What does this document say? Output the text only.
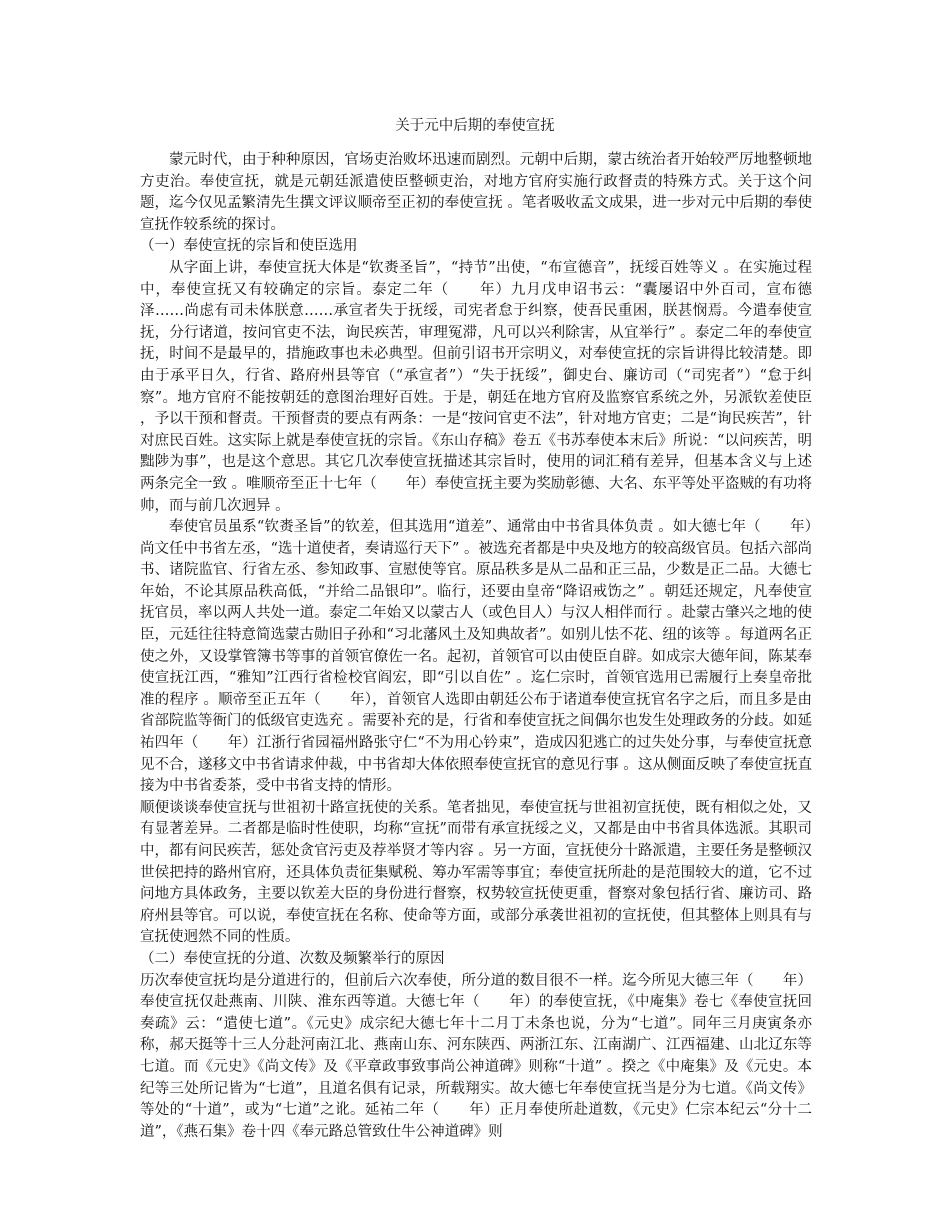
关于元中后期的奉使宣抚

蒙元时代，由于种种原因，官场吏治败坏迅速而剧烈。元朝中后期，蒙古统治者开始较严厉地整顿地方吏治。奉使宣抚，就是元朝廷派遣使臣整顿吏治，对地方官府实施行政督责的特殊方式。关于这个问题，迄今仅见孟繁清先生撰文评议顺帝至正初的奉使宣抚 。笔者吸收孟文成果，进一步对元中后期的奉使宣抚作较系统的探讨。

（一）奉使宣抚的宗旨和使臣选用

从字面上讲，奉使宣抚大体是“钦赉圣旨”，“持节”出使，“布宣德音”，抚绥百姓等义 。在实施过程中，奉使宣抚又有较确定的宗旨。泰定二年（　　年）九月戊申诏书云：“囊屡诏中外百司，宣布德泽……尚虑有司未体朕意……承宣者失于抚绥，司宪者怠于纠察，使吾民重困，朕甚悯焉。今遣奉使宣抚，分行诸道，按问官吏不法，询民疾苦，审理冤滞，凡可以兴利除害，从宜举行” 。泰定二年的奉使宣抚，时间不是最早的，措施政事也未必典型。但前引诏书开宗明义，对奉使宣抚的宗旨讲得比较清楚。即由于承平日久，行省、路府州县等官（“承宣者”）“失于抚绥”，御史台、廉访司（“司宪者”）“怠于纠察”。地方官府不能按朝廷的意图治理好百姓。于是，朝廷在地方官府及监察官系统之外，另派钦差使臣 ，予以干预和督责。干预督责的要点有两条：一是“按问官吏不法”，针对地方官吏；二是“询民疾苦”，针对庶民百姓。这实际上就是奉使宣抚的宗旨。《东山存稿》卷五《书苏奉使本末后》所说：“以问疾苦，明黜陟为事”，也是这个意思。其它几次奉使宣抚描述其宗旨时，使用的词汇稍有差异，但基本含义与上述两条完全一致 。唯顺帝至正十七年（　　年）奉使宣抚主要为奖励彰德、大名、东平等处平盗贼的有功将帅，而与前几次迥异 。

奉使官员虽系“钦赉圣旨”的钦差，但其选用“道差”、通常由中书省具体负责 。如大德七年（　　年）尚文任中书省左丞，“选十道使者，奏请巡行天下” 。被选充者都是中央及地方的较高级官员。包括六部尚书、诸院监官、行省左丞、参知政事、宣慰使等官。原品秩多是从二品和正三品，少数是正二品。大德七年始，不论其原品秩高低，“并给二品银印”。临行，还要由皇帝“降诏戒饬之” 。朝廷还规定，凡奉使宣抚官员，率以两人共处一道。泰定二年始又以蒙古人（或色目人）与汉人相伴而行 。赴蒙古肇兴之地的使臣，元廷往往特意简选蒙古勋旧子孙和“习北藩风土及知典故者”。如别儿怯不花、纽的该等 。每道两名正使之外，又设掌管簿书等事的首领官僚佐一名。起初，首领官可以由使臣自辟。如成宗大德年间，陈某奉使宣抚江西，“雅知”江西行省检校官阎宏，即“引以自佐” 。迄仁宗时，首领官选用已需履行上奏皇帝批准的程序 。顺帝至正五年（　　年），首领官人选即由朝廷公布于诸道奉使宣抚官名字之后，而且多是由省部院监等衙门的低级官吏选充 。需要补充的是，行省和奉使宣抚之间偶尔也发生处理政务的分歧。如延祐四年（　　年）江浙行省园福州路张守仁“不为用心钤束”，造成囚犯逃亡的过失处分事，与奉使宣抚意见不合，遂移文中书省请求仲裁，中书省却大体依照奉使宣抚官的意见行事 。这从侧面反映了奉使宣抚直接为中书省委茶，受中书省支持的情形。

顺便谈谈奉使宣抚与世祖初十路宣抚使的关系。笔者拙见，奉使宣抚与世祖初宣抚使，既有相似之处，又有显著差异。二者都是临时性使职，均称“宣抚”而带有承宣抚绥之义，又都是由中书省具体选派。其职司中，都有问民疾苦，惩处贪官污吏及荐举贤才等内容 。另一方面，宣抚使分十路派遣，主要任务是整顿汉世侯把持的路州官府，还具体负责征集赋税、筹办军需等事宜；奉使宣抚所赴的是范围较大的道，它不过问地方具体政务，主要以钦差大臣的身份进行督察，权势较宣抚使更重，督察对象包括行省、廉访司、路府州县等官。可以说，奉使宣抚在名称、使命等方面，或部分承袭世祖初的宣抚使，但其整体上则具有与宣抚使迥然不同的性质。

（二）奉使宣抚的分道、次数及频繁举行的原因

历次奉使宣抚均是分道进行的，但前后六次奉使，所分道的数目很不一样。迄今所见大德三年（　　年）奉使宣抚仅赴燕南、川陕、淮东西等道。大德七年（　　年）的奉使宣抚，《中庵集》卷七《奉使宣抚回奏疏》云：“遣使七道”。《元史》成宗纪大德七年十二月丁未条也说，分为“七道”。同年三月庚寅条亦称，郝天挺等十三人分赴河南江北、燕南山东、河东陕西、两浙江东、江南湖广、江西福建、山北辽东等七道。而《元史》《尚文传》及《平章政事致事尚公神道碑》则称“十道” 。揆之《中庵集》及《元史。本纪等三处所记皆为“七道”，且道名俱有记录，所载翔实。故大德七年奉使宣抚当是分为七道。《尚文传》等处的“十道”，或为“七道”之讹。延祐二年（　　年）正月奉使所赴道数，《元史》仁宗本纪云“分十二道”，《燕石集》卷十四《奉元路总管致仕牛公神道碑》则
